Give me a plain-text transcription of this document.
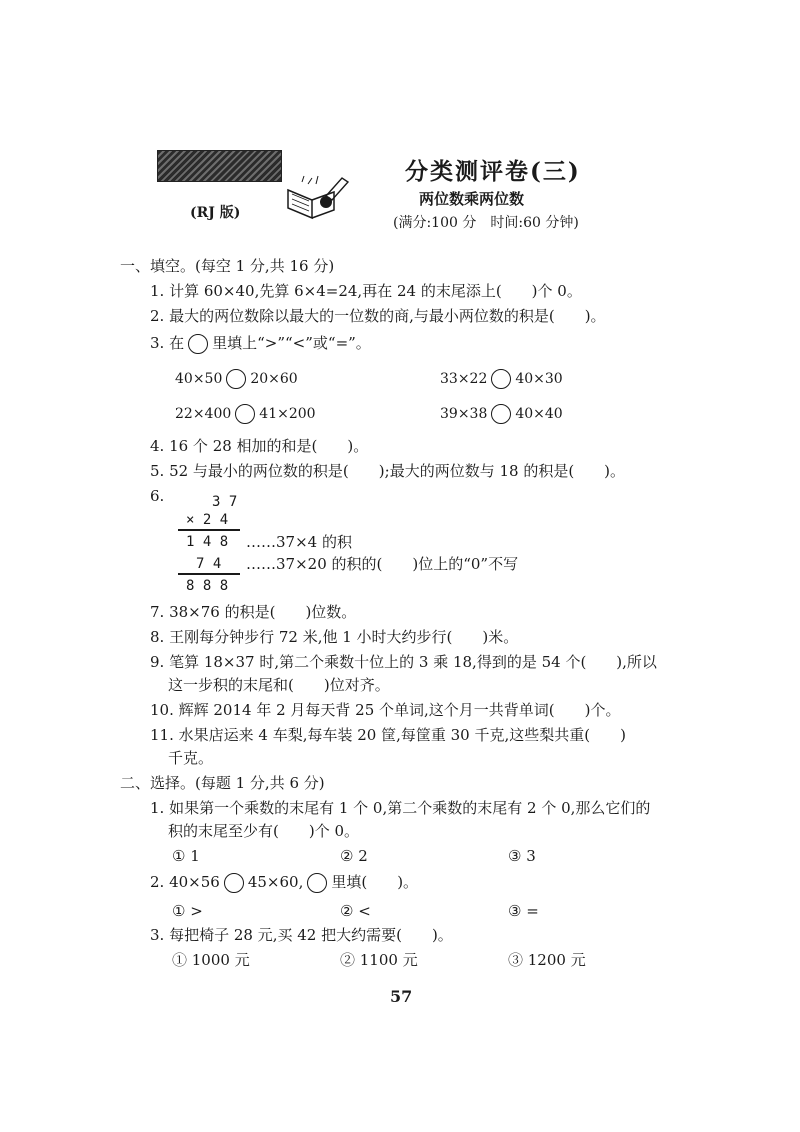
(RJ 版)
分类测评卷(三)
两位数乘两位数
(满分:100 分　时间:60 分钟)
一、填空。(每空 1 分,共 16 分)
1. 计算 60×40,先算 6×4=24,再在 24 的末尾添上(　　)个 0。
2. 最大的两位数除以最大的一位数的商,与最小两位数的积是(　　)。
3. 在 里填上“>”“<”或“=”。
40×50 20×60	33×22 40×30
22×400 41×200	39×38 40×40
4. 16 个 28 相加的和是(　　)。
5. 52 与最小的两位数的积是(　　);最大的两位数与 18 的积是(　　)。
6.	3 7
× 2 4
1 4 8 ……37×4 的积
7 4 ……37×20 的积的(　　)位上的“0”不写
8 8 8
7. 38×76 的积是(　　)位数。
8. 王刚每分钟步行 72 米,他 1 小时大约步行(　　)米。
9. 笔算 18×37 时,第二个乘数十位上的 3 乘 18,得到的是 54 个(　　),所以
这一步积的末尾和(　　)位对齐。
10. 辉辉 2014 年 2 月每天背 25 个单词,这个月一共背单词(　　)个。
11. 水果店运来 4 车梨,每车装 20 筐,每筐重 30 千克,这些梨共重(　　)
千克。
二、选择。(每题 1 分,共 6 分)
1. 如果第一个乘数的末尾有 1 个 0,第二个乘数的末尾有 2 个 0,那么它们的
积的末尾至少有(　　)个 0。
① 1	② 2	③ 3
2. 40×56 45×60, 里填(　　)。
① >	② <	③ =
3. 每把椅子 28 元,买 42 把大约需要(　　)。
① 1000 元	② 1100 元	③ 1200 元
57
